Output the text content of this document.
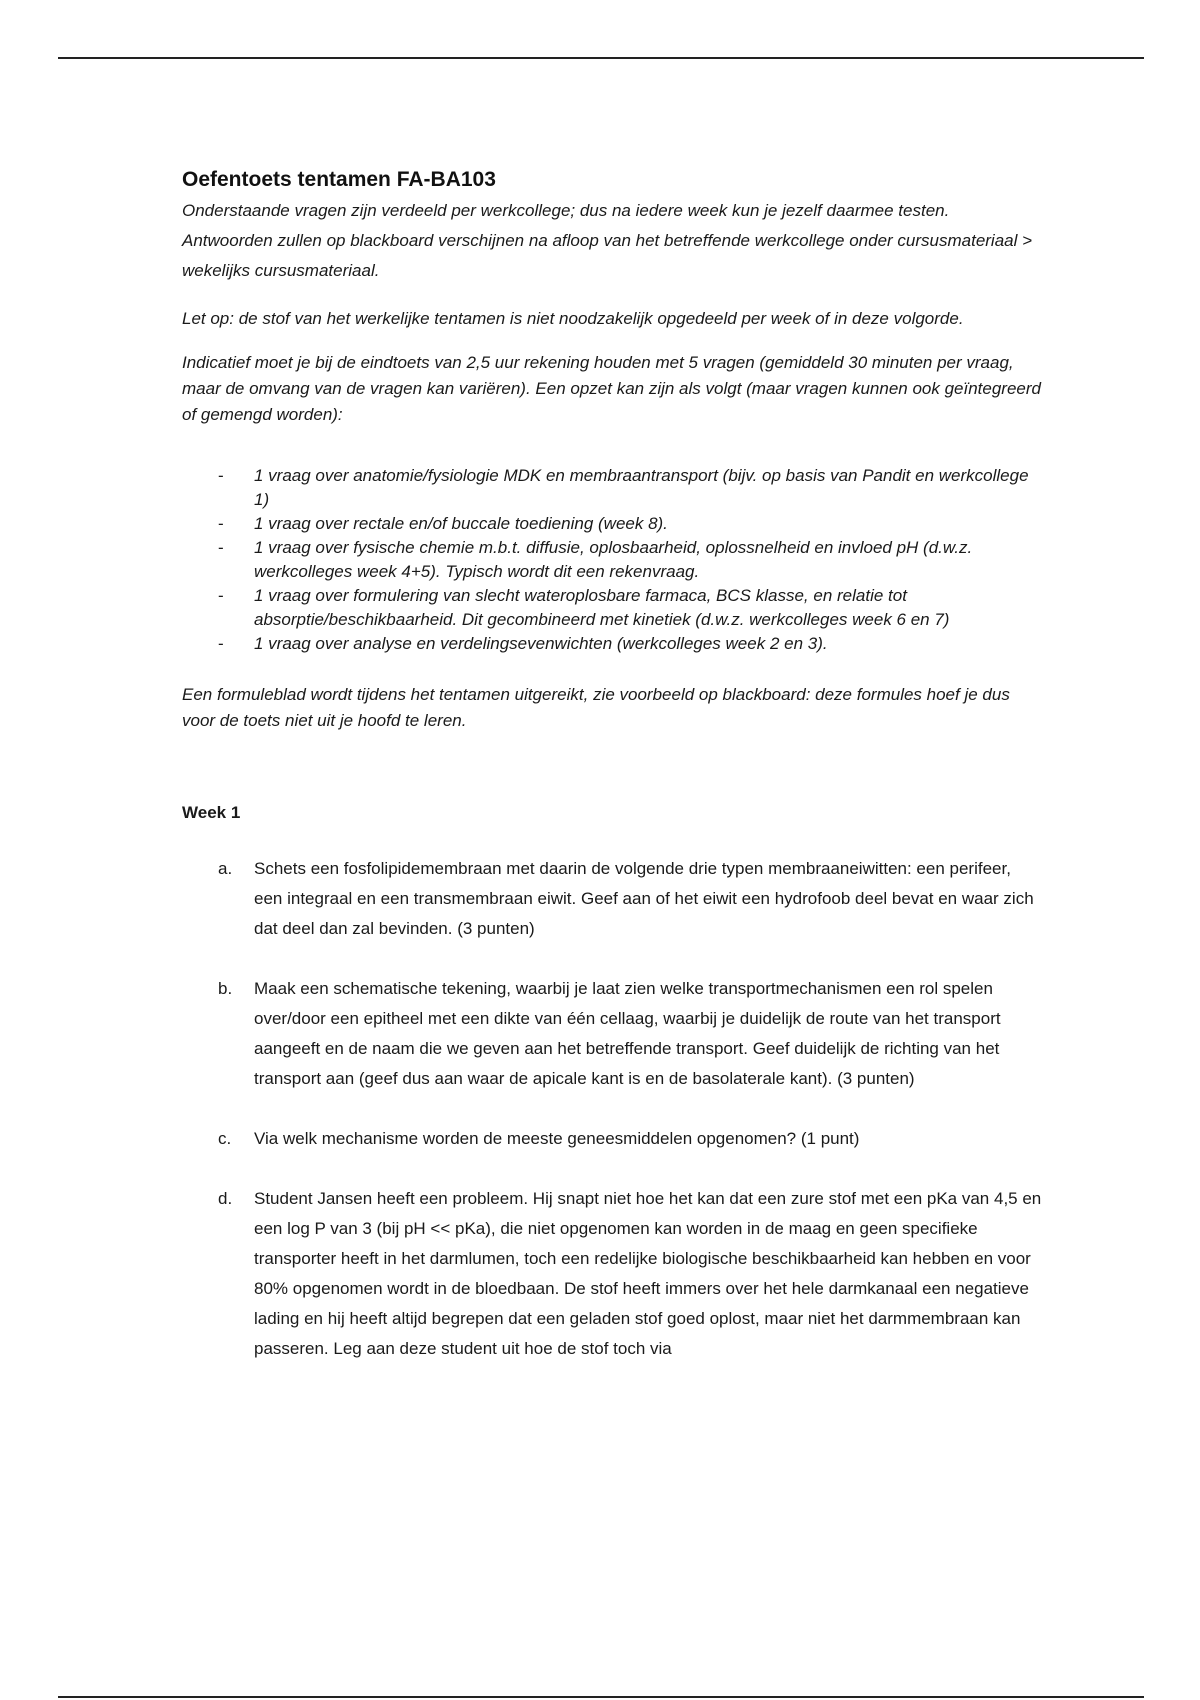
Oefentoets tentamen FA-BA103

Onderstaande vragen zijn verdeeld per werkcollege; dus na iedere week kun je jezelf daarmee testen. Antwoorden zullen op blackboard verschijnen na afloop van het betreffende werkcollege onder cursusmateriaal > wekelijks cursusmateriaal.

Let op: de stof van het werkelijke tentamen is niet noodzakelijk opgedeeld per week of in deze volgorde.

Indicatief moet je bij de eindtoets van 2,5 uur rekening houden met 5 vragen (gemiddeld 30 minuten per vraag, maar de omvang van de vragen kan variëren). Een opzet kan zijn als volgt (maar vragen kunnen ook geïntegreerd of gemengd worden):

- 1 vraag over anatomie/fysiologie MDK en membraantransport (bijv. op basis van Pandit en werkcollege 1)
- 1 vraag over rectale en/of buccale toediening (week 8).
- 1 vraag over fysische chemie m.b.t. diffusie, oplosbaarheid, oplossnelheid en invloed pH (d.w.z. werkcolleges week 4+5). Typisch wordt dit een rekenvraag.
- 1 vraag over formulering van slecht wateroplosbare farmaca, BCS klasse, en relatie tot absorptie/beschikbaarheid. Dit gecombineerd met kinetiek (d.w.z. werkcolleges week 6 en 7)
- 1 vraag over analyse en verdelingsevenwichten (werkcolleges week 2 en 3).

Een formuleblad wordt tijdens het tentamen uitgereikt, zie voorbeeld op blackboard: deze formules hoef je dus voor de toets niet uit je hoofd te leren.

Week 1
a. Schets een fosfolipidemembraan met daarin de volgende drie typen membraaneiwitten: een perifeer, een integraal en een transmembraan eiwit. Geef aan of het eiwit een hydrofoob deel bevat en waar zich dat deel dan zal bevinden. (3 punten)
b. Maak een schematische tekening, waarbij je laat zien welke transportmechanismen een rol spelen over/door een epitheel met een dikte van één cellaag, waarbij je duidelijk de route van het transport aangeeft en de naam die we geven aan het betreffende transport. Geef duidelijk de richting van het transport aan (geef dus aan waar de apicale kant is en de basolaterale kant). (3 punten)
c. Via welk mechanisme worden de meeste geneesmiddelen opgenomen? (1 punt)
d. Student Jansen heeft een probleem. Hij snapt niet hoe het kan dat een zure stof met een pKa van 4,5 en een log P van 3 (bij pH << pKa), die niet opgenomen kan worden in de maag en geen specifieke transporter heeft in het darmlumen, toch een redelijke biologische beschikbaarheid kan hebben en voor 80% opgenomen wordt in de bloedbaan. De stof heeft immers over het hele darmkanaal een negatieve lading en hij heeft altijd begrepen dat een geladen stof goed oplost, maar niet het darmmembraan kan passeren. Leg aan deze student uit hoe de stof toch via
